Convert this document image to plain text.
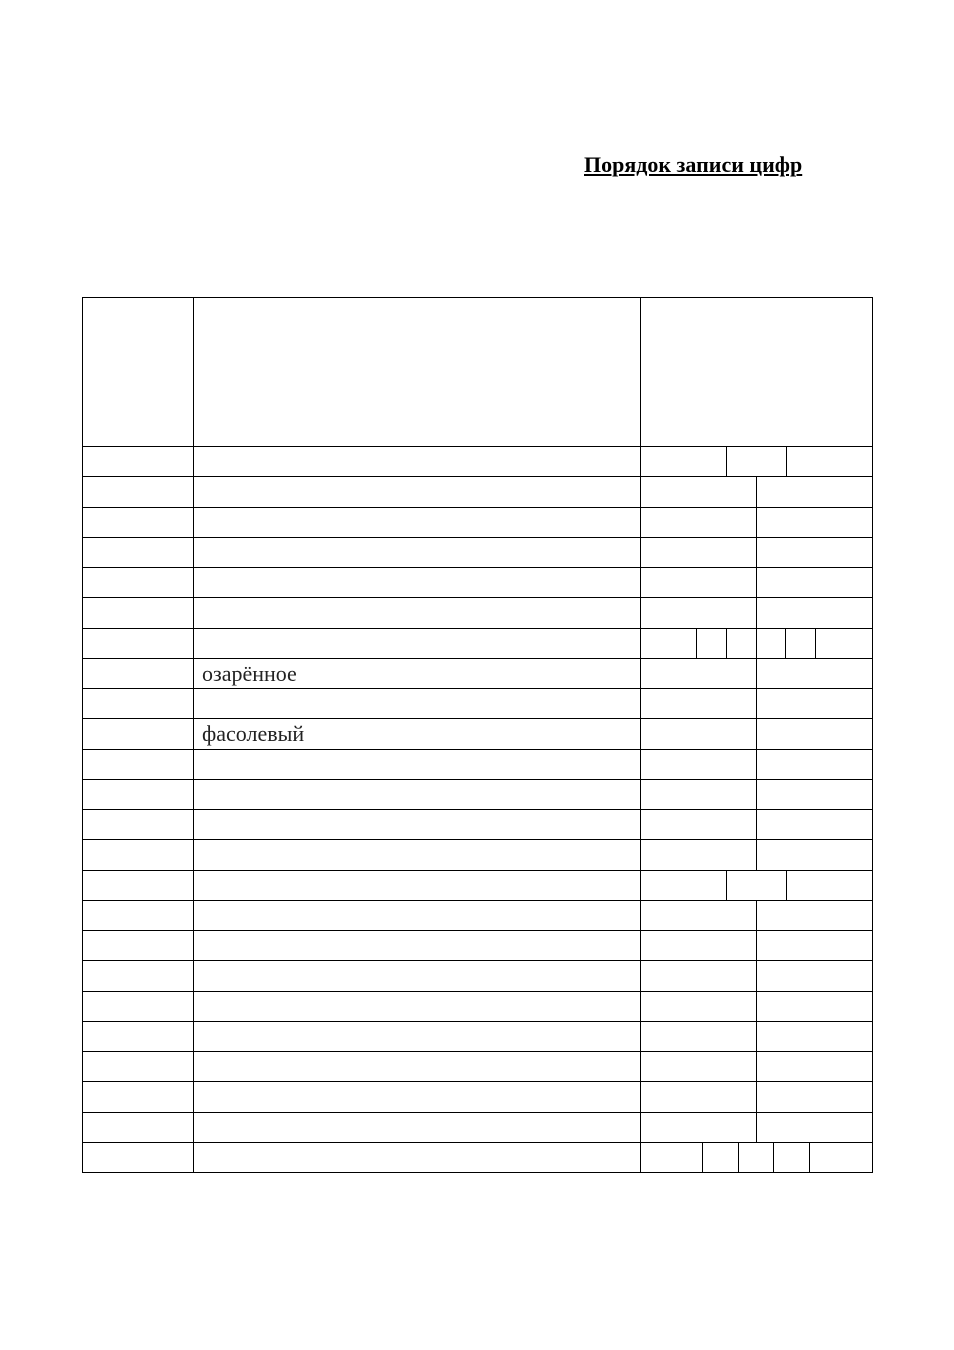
Порядок записи цифр
озарённое
фасолевый
